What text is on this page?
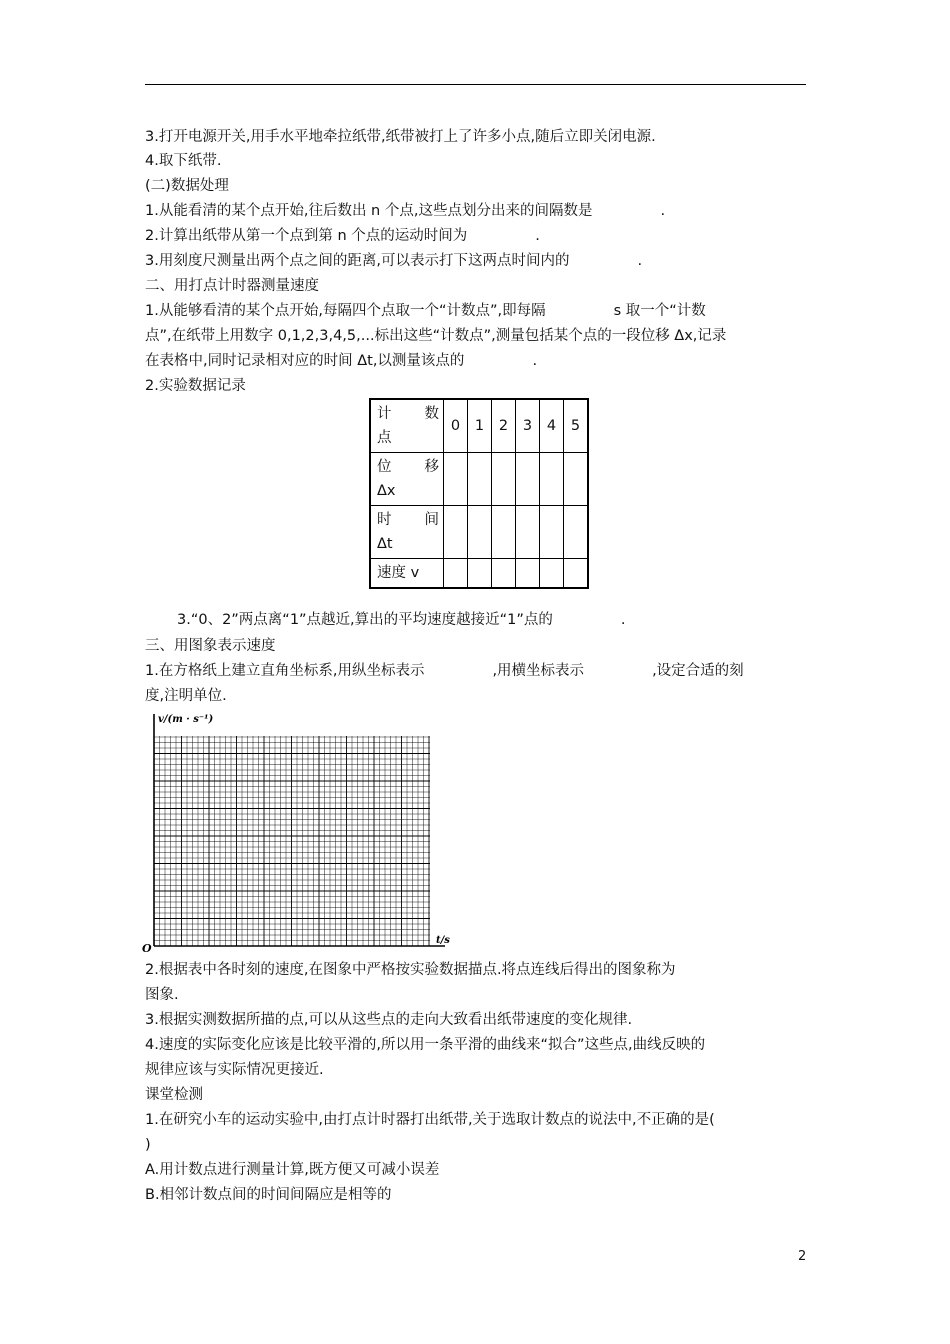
3.打开电源开关,用手水平地牵拉纸带,纸带被打上了许多小点,随后立即关闭电源.
4.取下纸带.
(二)数据处理
1.从能看清的某个点开始,往后数出 n 个点,这些点划分出来的间隔数是	.
2.计算出纸带从第一个点到第 n 个点的运动时间为	.
3.用刻度尺测量出两个点之间的距离,可以表示打下这两点时间内的	.
二、用打点计时器测量速度
1.从能够看清的某个点开始,每隔四个点取一个“计数点”,即每隔	s 取一个“计数
点”,在纸带上用数字 0,1,2,3,4,5,...标出这些“计数点”,测量包括某个点的一段位移 Δx,记录
在表格中,同时记录相对应的时间 Δt,以测量该点的	.
2.实验数据记录
计 数
点	0	1	2	3	4	5

位 移
Δx						

时 间
Δt						

速度 v						
3.“0、2”两点离“1”点越近,算出的平均速度越接近“1”点的	.
三、用图象表示速度
1.在方格纸上建立直角坐标系,用纵坐标表示	,用横坐标表示	,设定合适的刻
度,注明单位.
v/(m · s⁻¹)
t/s
O
2.根据表中各时刻的速度,在图象中严格按实验数据描点.将点连线后得出的图象称为
图象.
3.根据实测数据所描的点,可以从这些点的走向大致看出纸带速度的变化规律.
4.速度的实际变化应该是比较平滑的,所以用一条平滑的曲线来“拟合”这些点,曲线反映的
规律应该与实际情况更接近.
课堂检测
1.在研究小车的运动实验中,由打点计时器打出纸带,关于选取计数点的说法中,不正确的是(
)
A.用计数点进行测量计算,既方便又可减小误差
B.相邻计数点间的时间间隔应是相等的
2
